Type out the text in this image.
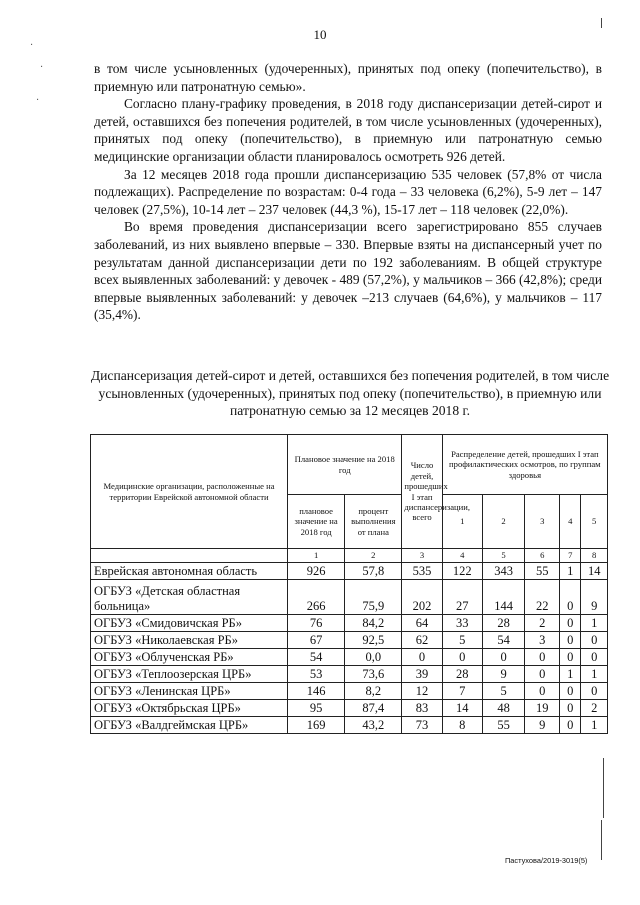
10
·
·
·

в том числе усыновленных (удочеренных), принятых под опеку (попечительство), в приемную или патронатную семью».

Согласно плану-графику проведения, в 2018 году диспансеризации детей-сирот и детей, оставшихся без попечения родителей, в том числе усыновленных (удочеренных), принятых под опеку (попечительство), в приемную или патронатную семью медицинские организации области планировалось осмотреть 926 детей.

За 12 месяцев 2018 года прошли диспансеризацию 535 человек (57,8% от числа подлежащих). Распределение по возрастам: 0-4 года – 33 человека (6,2%), 5-9 лет – 147 человек (27,5%), 10-14 лет – 237 человек (44,3 %), 15-17 лет – 118 человек (22,0%).

Во время проведения диспансеризации всего зарегистрировано 855 случаев заболеваний, из них выявлено впервые – 330. Впервые взяты на диспансерный учет по результатам данной диспансеризации дети по 192 заболеваниям. В общей структуре всех выявленных заболеваний: у девочек - 489 (57,2%), у мальчиков – 366 (42,8%); среди впервые выявленных заболеваний: у девочек –213 случаев (64,6%), у мальчиков – 117 (35,4%).

Диспансеризация детей-сирот и детей, оставшихся без попечения родителей, в том числе усыновленных (удочеренных), принятых под опеку (попечительство), в приемную или патронатную семью за 12 месяцев 2018 г.
Медицинские организации, расположенные на территории Еврейской автономной области	Плановое значение на 2018 год		Число детей, прошедших I этап диспансеризации, всего	Распределение детей, прошедших I этап профилактических осмотров, по группам здоровья				
	плановое значение на 2018 год	процент выполнения от плана		1	2	3	4	5
	1	2	3	4	5	6	7	8
Еврейская автономная область	926	57,8	535	122	343	55	1	14
ОГБУЗ «Детская областная больница»	266	75,9	202	27	144	22	0	9
ОГБУЗ «Смидовичская РБ»	76	84,2	64	33	28	2	0	1
ОГБУЗ «Николаевская РБ»	67	92,5	62	5	54	3	0	0
ОГБУЗ «Облученская РБ»	54	0,0	0	0	0	0	0	0
ОГБУЗ «Теплоозерская ЦРБ»	53	73,6	39	28	9	0	1	1
ОГБУЗ «Ленинская ЦРБ»	146	8,2	12	7	5	0	0	0
ОГБУЗ «Октябрьская ЦРБ»	95	87,4	83	14	48	19	0	2
ОГБУЗ «Валдгеймская ЦРБ»	169	43,2	73	8	55	9	0	1
Пастухова/2019-3019(5)
